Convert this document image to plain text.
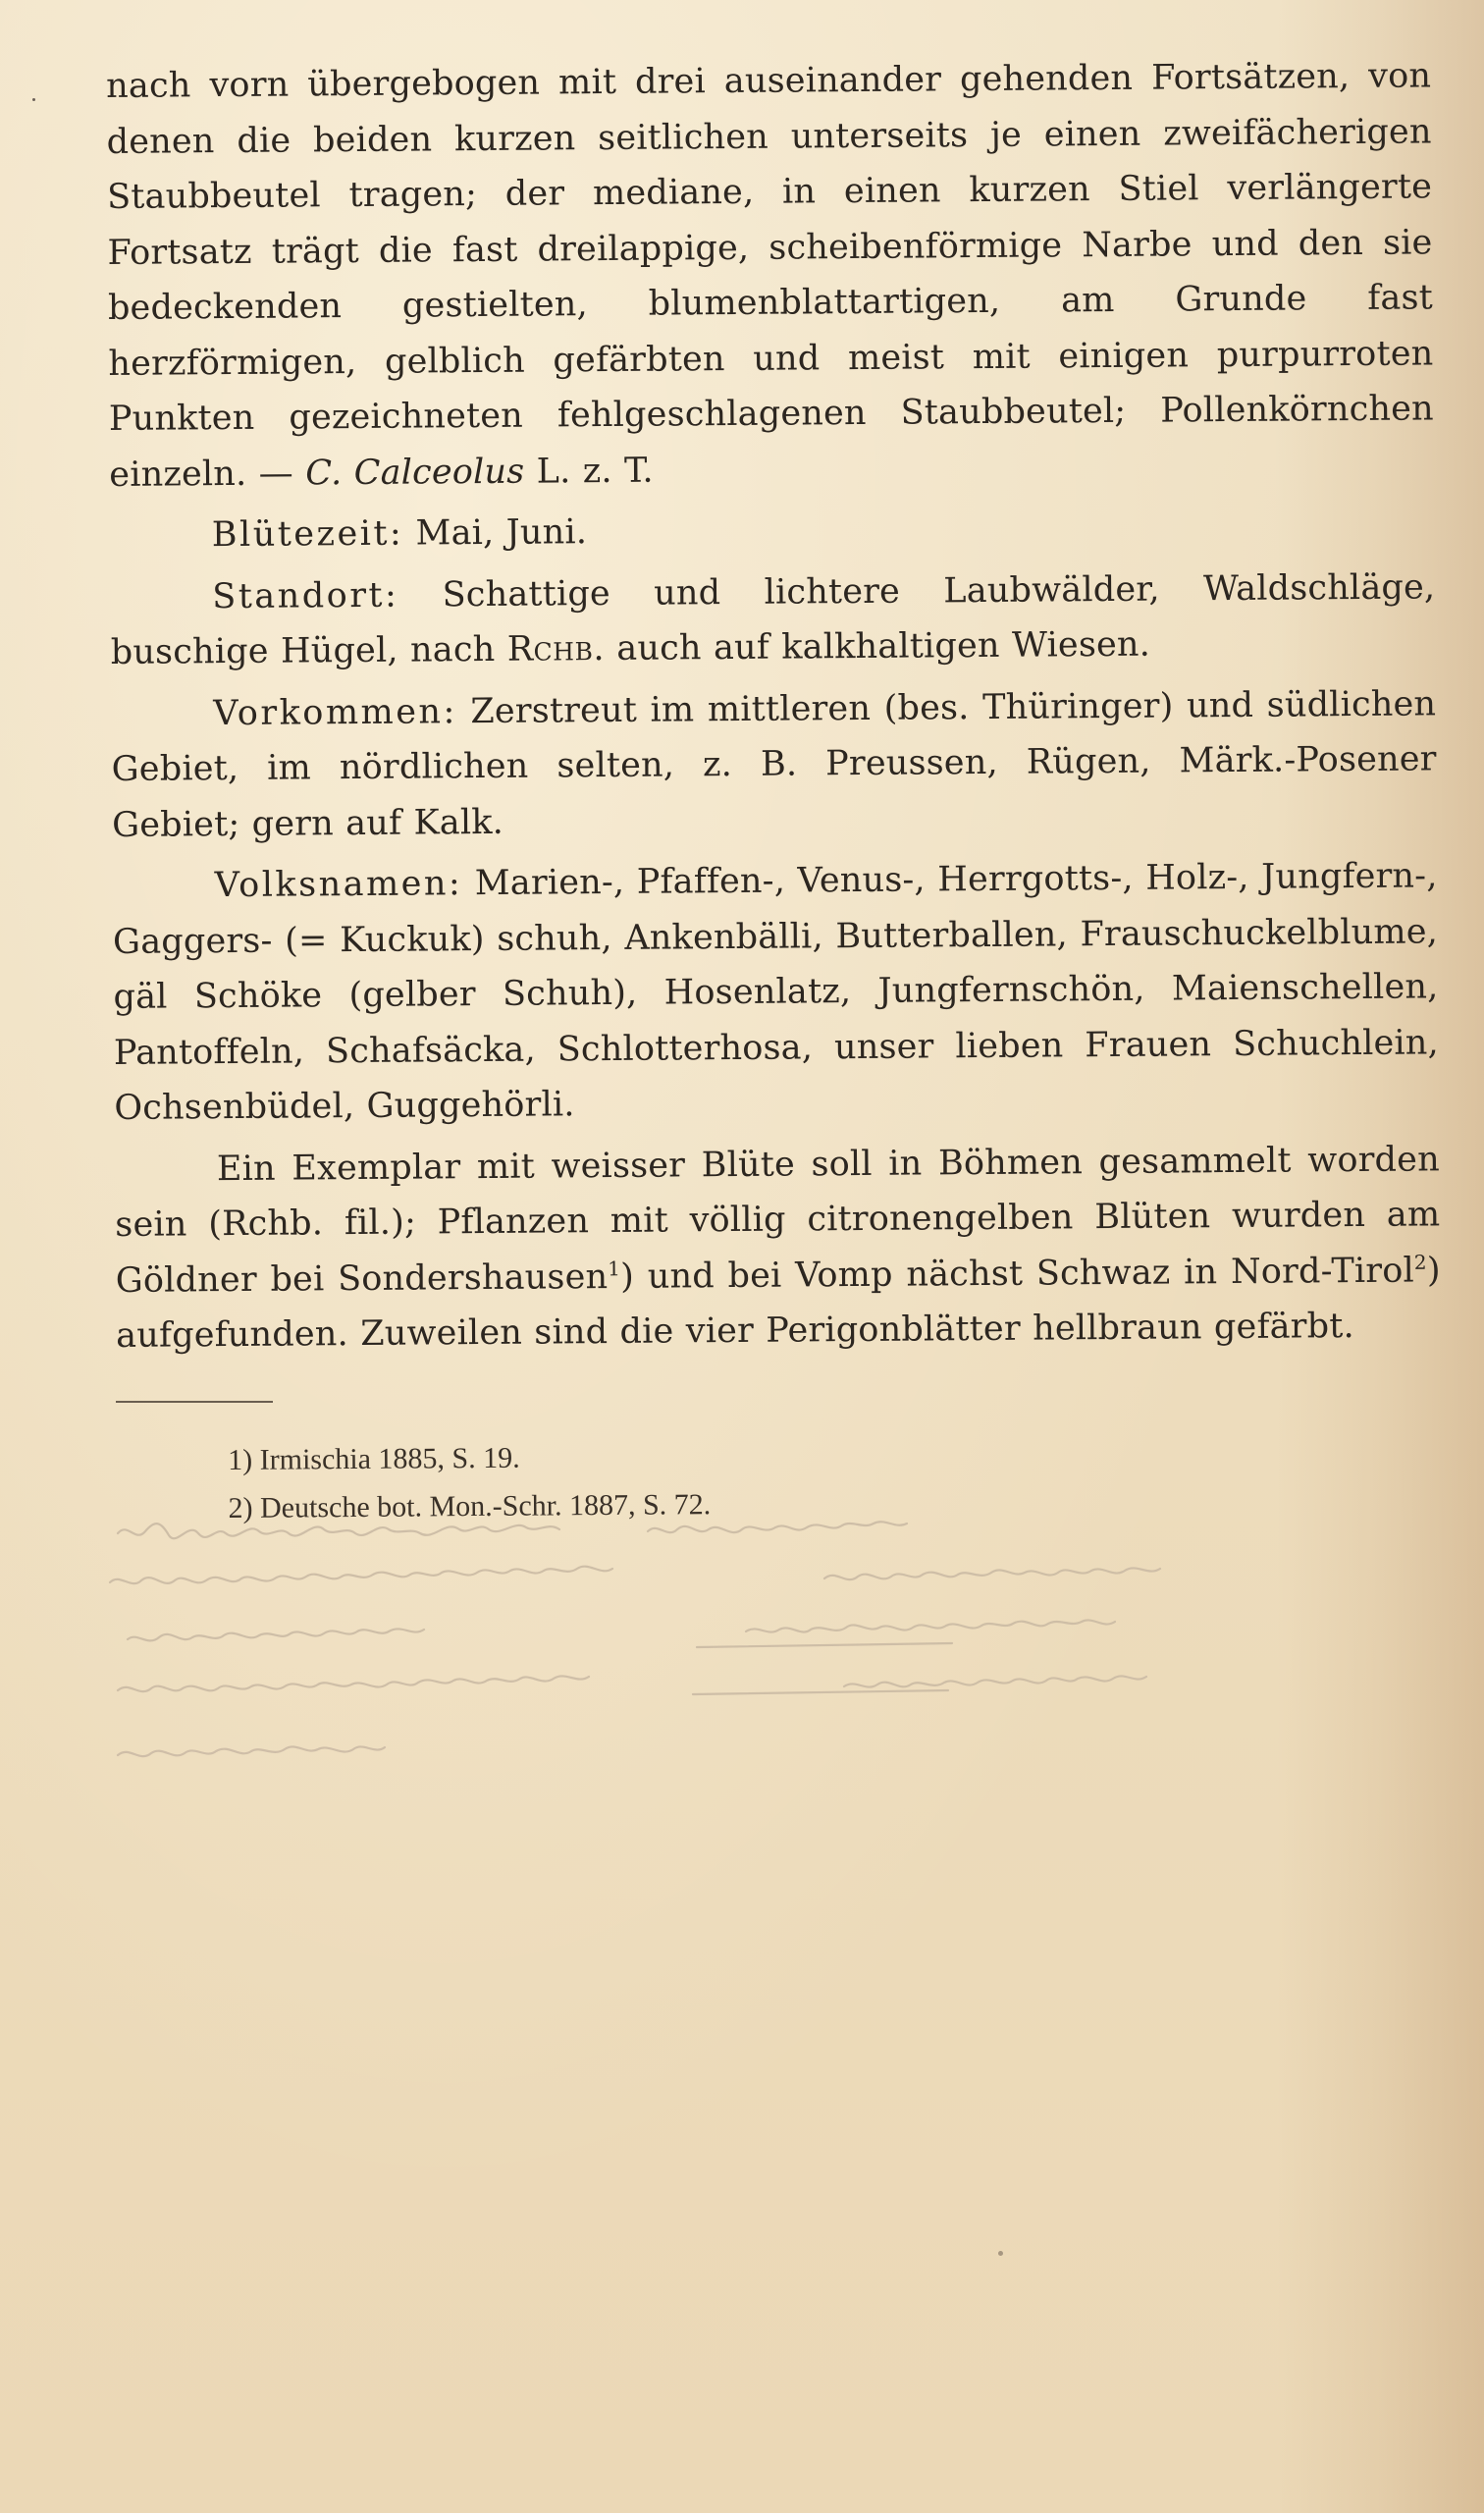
nach vorn übergebogen mit drei auseinander gehenden Fortsätzen, von denen die beiden kurzen seitlichen unterseits je einen zweifächerigen Staubbeutel tragen; der mediane, in einen kurzen Stiel verlängerte Fortsatz trägt die fast dreilappige, scheibenförmige Narbe und den sie bedeckenden gestielten, blumenblattartigen, am Grunde fast herzförmigen, gelblich gefärbten und meist mit einigen purpurroten Punkten gezeichneten fehlgeschlagenen Staubbeutel; Pollenkörnchen einzeln. — C. Calceolus L. z. T.

Blütezeit: Mai, Juni.

Standort: Schattige und lichtere Laubwälder, Waldschläge, buschige Hügel, nach Rchb. auch auf kalkhaltigen Wiesen.

Vorkommen: Zerstreut im mittleren (bes. Thüringer) und südlichen Gebiet, im nördlichen selten, z. B. Preussen, Rügen, Märk.-Posener Gebiet; gern auf Kalk.

Volksnamen: Marien-, Pfaffen-, Venus-, Herrgotts-, Holz-, Jungfern-, Gaggers- (= Kuckuk) schuh, Ankenbälli, Butterballen, Frauschuckelblume, gäl Schöke (gelber Schuh), Hosenlatz, Jungfernschön, Maienschellen, Pantoffeln, Schafsäcka, Schlotterhosa, unser lieben Frauen Schuchlein, Ochsenbüdel, Guggehörli.

Ein Exemplar mit weisser Blüte soll in Böhmen gesammelt worden sein (Rchb. fil.); Pflanzen mit völlig citronengelben Blüten wurden am Göldner bei Sondershausen$^1$) und bei Vomp nächst Schwaz in Nord-Tirol$^2$) aufgefunden. Zuweilen sind die vier Perigonblätter hellbraun gefärbt.

1) Irmischia 1885, S. 19.

2) Deutsche bot. Mon.-Schr. 1887, S. 72.
